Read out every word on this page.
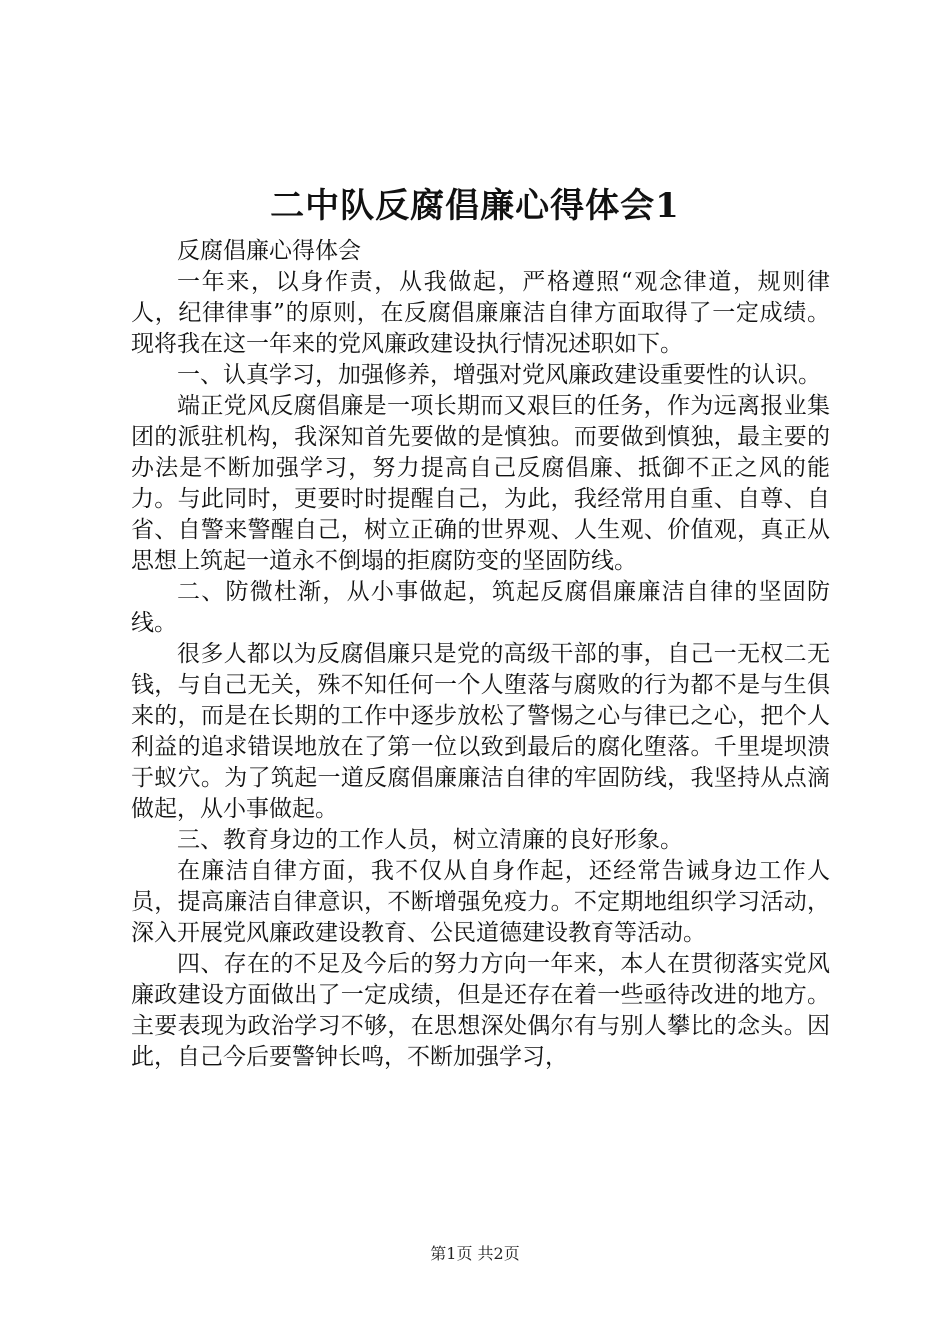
二中队反腐倡廉心得体会1

反腐倡廉心得体会

一年来，以身作责，从我做起，严格遵照“观念律道，规则律人，纪律律事”的原则，在反腐倡廉廉洁自律方面取得了一定成绩。现将我在这一年来的党风廉政建设执行情况述职如下。

一、认真学习，加强修养，增强对党风廉政建设重要性的认识。

端正党风反腐倡廉是一项长期而又艰巨的任务，作为远离报业集团的派驻机构，我深知首先要做的是慎独。而要做到慎独，最主要的办法是不断加强学习，努力提高自己反腐倡廉、抵御不正之风的能力。与此同时，更要时时提醒自己，为此，我经常用自重、自尊、自省、自警来警醒自己，树立正确的世界观、人生观、价值观，真正从思想上筑起一道永不倒塌的拒腐防变的坚固防线。

二、防微杜渐，从小事做起，筑起反腐倡廉廉洁自律的坚固防线。

很多人都以为反腐倡廉只是党的高级干部的事，自己一无权二无钱，与自己无关，殊不知任何一个人堕落与腐败的行为都不是与生俱来的，而是在长期的工作中逐步放松了警惕之心与律已之心，把个人利益的追求错误地放在了第一位以致到最后的腐化堕落。千里堤坝溃于蚁穴。为了筑起一道反腐倡廉廉洁自律的牢固防线，我坚持从点滴做起，从小事做起。

三、教育身边的工作人员，树立清廉的良好形象。

在廉洁自律方面，我不仅从自身作起，还经常告诫身边工作人员，提高廉洁自律意识，不断增强免疫力。不定期地组织学习活动，深入开展党风廉政建设教育、公民道德建设教育等活动。

四、存在的不足及今后的努力方向一年来，本人在贯彻落实党风廉政建设方面做出了一定成绩，但是还存在着一些亟待改进的地方。主要表现为政治学习不够，在思想深处偶尔有与别人攀比的念头。因此，自己今后要警钟长鸣，不断加强学习，

第1页 共2页
